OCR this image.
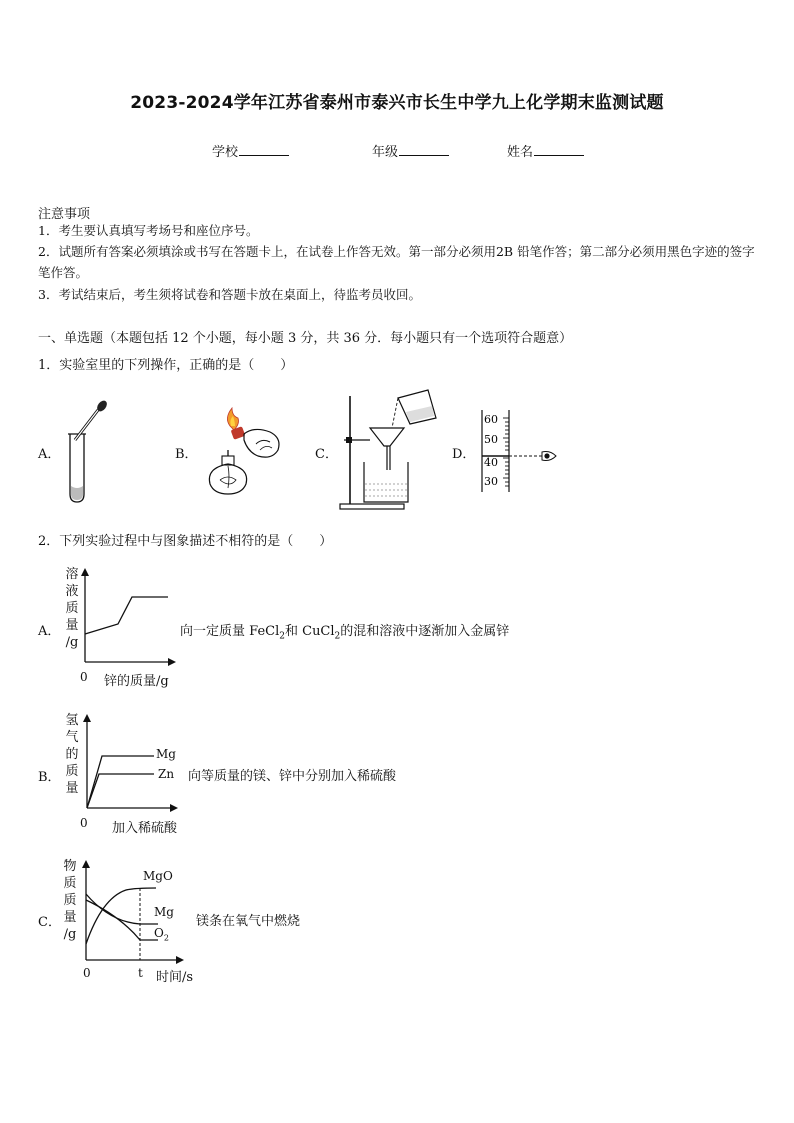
2023-2024学年江苏省泰州市泰兴市长生中学九上化学期末监测试题
学校	年级	姓名
注意事项
1．考生要认真填写考场号和座位序号。
2．试题所有答案必须填涂或书写在答题卡上，在试卷上作答无效。第一部分必须用2B 铅笔作答；第二部分必须用黑色字迹的签字笔作答。
3．考试结束后，考生须将试卷和答题卡放在桌面上，待监考员收回。
一、单选题（本题包括 12 个小题，每小题 3 分，共 36 分．每小题只有一个选项符合题意）
1．实验室里的下列操作，正确的是（　　）
A．	B．	C．	D．
60
50
40
30
2．下列实验过程中与图象描述不相符的是（　　）
A．
溶
液
质
量
/g
0 锌的质量/g
向一定质量 FeCl$_2$和 CuCl$_2$的混和溶液中逐渐加入金属锌
B．
氢
气
的
质
量
Mg
Zn
0 加入稀硫酸
向等质量的镁、锌中分别加入稀硫酸
C．
物
质
质
量
/g
MgO
Mg
$O_2$
0	t 时间/s
镁条在氧气中燃烧
